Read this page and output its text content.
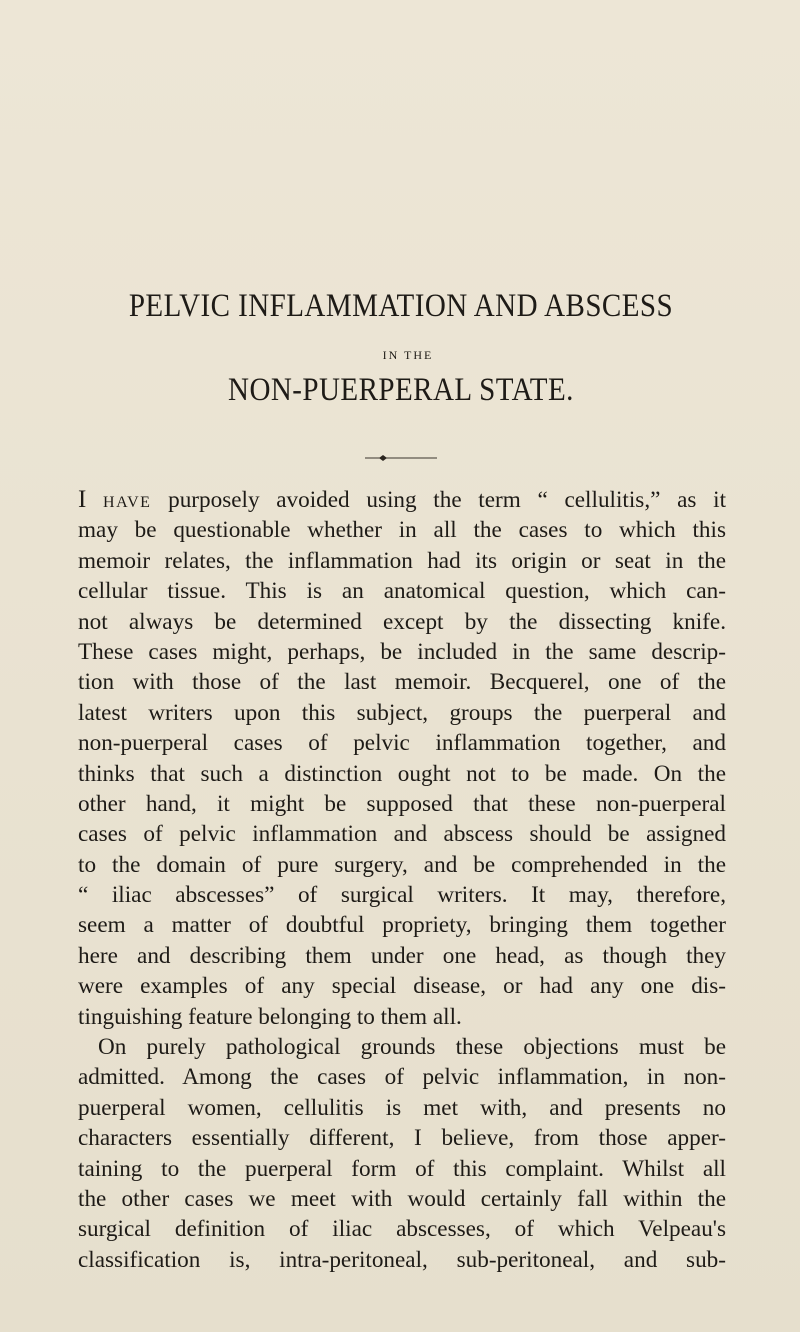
PELVIC INFLAMMATION AND ABSCESS
IN THE
NON-PUERPERAL STATE.
I HAVE purposely avoided using the term “ cellulitis,” as it
may be questionable whether in all the cases to which this
memoir relates, the inflammation had its origin or seat in the
cellular tissue. This is an anatomical question, which can-
not always be determined except by the dissecting knife.
These cases might, perhaps, be included in the same descrip-
tion with those of the last memoir. Becquerel, one of the
latest writers upon this subject, groups the puerperal and
non-puerperal cases of pelvic inflammation together, and
thinks that such a distinction ought not to be made. On the
other hand, it might be supposed that these non-puerperal
cases of pelvic inflammation and abscess should be assigned
to the domain of pure surgery, and be comprehended in the
“ iliac abscesses” of surgical writers. It may, therefore,
seem a matter of doubtful propriety, bringing them together
here and describing them under one head, as though they
were examples of any special disease, or had any one dis-
tinguishing feature belonging to them all.
On purely pathological grounds these objections must be
admitted. Among the cases of pelvic inflammation, in non-
puerperal women, cellulitis is met with, and presents no
characters essentially different, I believe, from those apper-
taining to the puerperal form of this complaint. Whilst all
the other cases we meet with would certainly fall within the
surgical definition of iliac abscesses, of which Velpeau's
classification is, intra-peritoneal, sub-peritoneal, and sub-
